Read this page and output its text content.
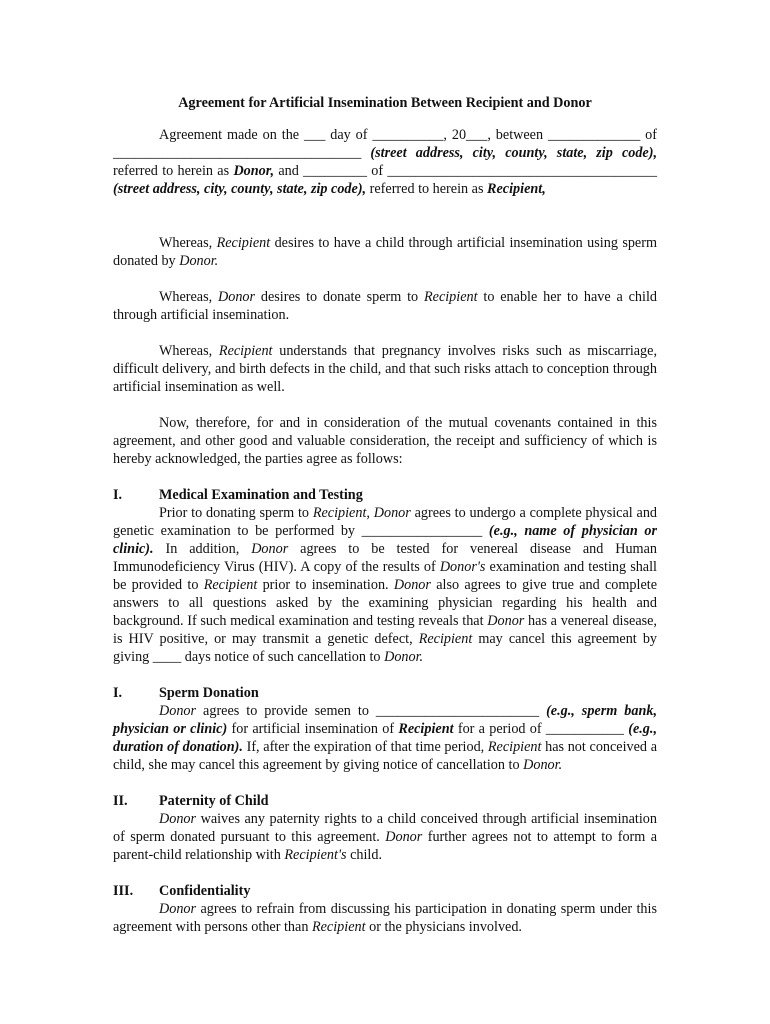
Agreement for Artificial Insemination Between Recipient and Donor

Agreement made on the ___ day of __________, 20___, between _____________ of ___________________________________ (street address, city, county, state, zip code), referred to herein as Donor, and _________ of ______________________________________ (street address, city, county, state, zip code), referred to herein as Recipient,

Whereas, Recipient desires to have a child through artificial insemination using sperm donated by Donor.

Whereas, Donor desires to donate sperm to Recipient to enable her to have a child through artificial insemination.

Whereas, Recipient understands that pregnancy involves risks such as miscarriage, difficult delivery, and birth defects in the child, and that such risks attach to conception through artificial insemination as well.

Now, therefore, for and in consideration of the mutual covenants contained in this agreement, and other good and valuable consideration, the receipt and sufficiency of which is hereby acknowledged, the parties agree as follows:

I.	Medical Examination and Testing

Prior to donating sperm to Recipient, Donor agrees to undergo a complete physical and genetic examination to be performed by _________________ (e.g., name of physician or clinic). In addition, Donor agrees to be tested for venereal disease and Human Immunodeficiency Virus (HIV). A copy of the results of Donor's examination and testing shall be provided to Recipient prior to insemination. Donor also agrees to give true and complete answers to all questions asked by the examining physician regarding his health and background. If such medical examination and testing reveals that Donor has a venereal disease, is HIV positive, or may transmit a genetic defect, Recipient may cancel this agreement by giving ____ days notice of such cancellation to Donor.

I.	Sperm Donation

Donor agrees to provide semen to _______________________ (e.g., sperm bank, physician or clinic) for artificial insemination of Recipient for a period of ___________ (e.g., duration of donation). If, after the expiration of that time period, Recipient has not conceived a child, she may cancel this agreement by giving notice of cancellation to Donor.

II.	Paternity of Child

Donor waives any paternity rights to a child conceived through artificial insemination of sperm donated pursuant to this agreement. Donor further agrees not to attempt to form a parent-child relationship with Recipient's child.

III.	Confidentiality

Donor agrees to refrain from discussing his participation in donating sperm under this agreement with persons other than Recipient or the physicians involved.
